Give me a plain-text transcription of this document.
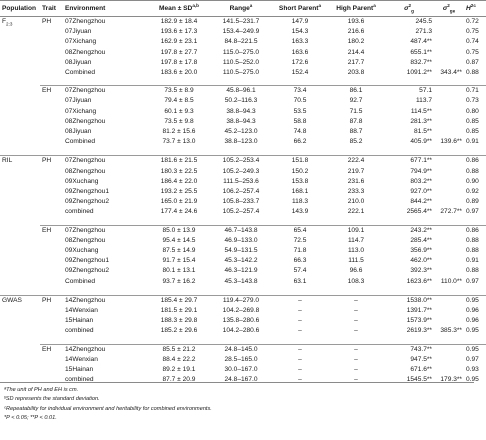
Population	Trait	Environment	Mean ± SD$^{a,b}$	Range$^a$	Short Parent$^a$	High Parent$^a$	$\sigma^2_g$	$\sigma^2_{ge}$	$H^{2c}$
$F_{2:3}$	PH	07Zhengzhou	182.9 ± 18.4	141.5–231.7	147.9	193.6	245.5		0.72
		07Jiyuan	193.6 ± 17.3	153.4–249.9	154.3	216.6	271.3		0.75
		07Xichang	162.9 ± 23.1	84.8–221.5	163.3	180.2	487.4**		0.74
		08Zhengzhou	197.8 ± 27.7	115.0–275.0	163.6	214.4	655.1**		0.75
		08Jiyuan	197.8 ± 17.8	110.5–252.0	172.6	217.7	832.7**		0.87
		Combined	183.6 ± 20.0	110.5–275.0	152.4	203.8	1091.2**	343.4**	0.88

	EH	07Zhengzhou	73.5 ± 8.9	45.8–96.1	73.4	86.1	57.1		0.71
		07Jiyuan	79.4 ± 8.5	50.2–116.3	70.5	92.7	113.7		0.73
		07Xichang	60.1 ± 9.3	38.8–94.3	53.5	71.5	114.5**		0.80
		08Zhengzhou	73.5 ± 9.8	38.8–94.3	58.8	87.8	281.3**		0.85
		08Jiyuan	81.2 ± 15.6	45.2–123.0	74.8	88.7	81.5**		0.85
		Combined	73.7 ± 13.0	38.8–123.0	66.2	85.2	405.9**	139.6**	0.91

RIL	PH	07Zhengzhou	181.6 ± 21.5	105.2–253.4	151.8	222.4	677.1**		0.86
		08Zhengzhou	180.3 ± 22.5	105.2–249.3	150.2	219.7	794.9**		0.88
		09Xuchang	186.4 ± 22.0	111.5–253.6	153.8	231.6	803.2**		0.90
		09Zhengzhou1	193.2 ± 25.5	106.2–257.4	168.1	233.3	927.0**		0.92
		09Zhengzhou2	165.0 ± 21.9	105.8–233.7	118.3	210.0	844.2**		0.89
		combined	177.4 ± 24.6	105.2–257.4	143.9	222.1	2565.4**	272.7**	0.97

	EH	07Zhengzhou	85.0 ± 13.9	46.7–143.8	65.4	109.1	243.2**		0.86
		08Zhengzhou	95.4 ± 14.5	46.9–133.0	72.5	114.7	285.4**		0.88
		09Xuchang	87.5 ± 14.9	54.9–131.5	71.8	113.0	356.9**		0.88
		09Zhengzhou1	91.7 ± 15.4	45.3–142.2	66.3	111.5	462.0**		0.91
		09Zhengzhou2	80.1 ± 13.1	46.3–121.9	57.4	96.6	392.3**		0.88
		Combined	93.7 ± 16.2	45.3–143.8	63.1	108.3	1623.6**	110.0**	0.97

GWAS	PH	14Zhengzhou	185.4 ± 29.7	119.4–279.0	–	–	1538.0**		0.95
		14Wenxian	181.5 ± 29.1	104.2–269.8	–	–	1391.7**		0.96
		15Hainan	188.3 ± 29.8	135.8–280.6	–	–	1573.9**		0.96
		combined	185.2 ± 29.6	104.2–280.6	–	–	2619.3**	385.3**	0.95

	EH	14Zhengzhou	85.5 ± 21.2	24.8–145.0	–	–	743.7**		0.95
		14Wenxian	88.4 ± 22.2	28.5–165.0	–	–	947.5**		0.97
		15Hainan	89.2 ± 19.1	30.0–167.0	–	–	671.6**		0.93
		combined	87.7 ± 20.9	24.8–167.0	–	–	1545.5**	179.3**	0.95
ªThe unit of PH and EH is cm.
ᵇSD represents the standard deviation.
ᶜRepeatability for individual environment and heritability for combined environments.
*P < 0.05; **P < 0.01.
